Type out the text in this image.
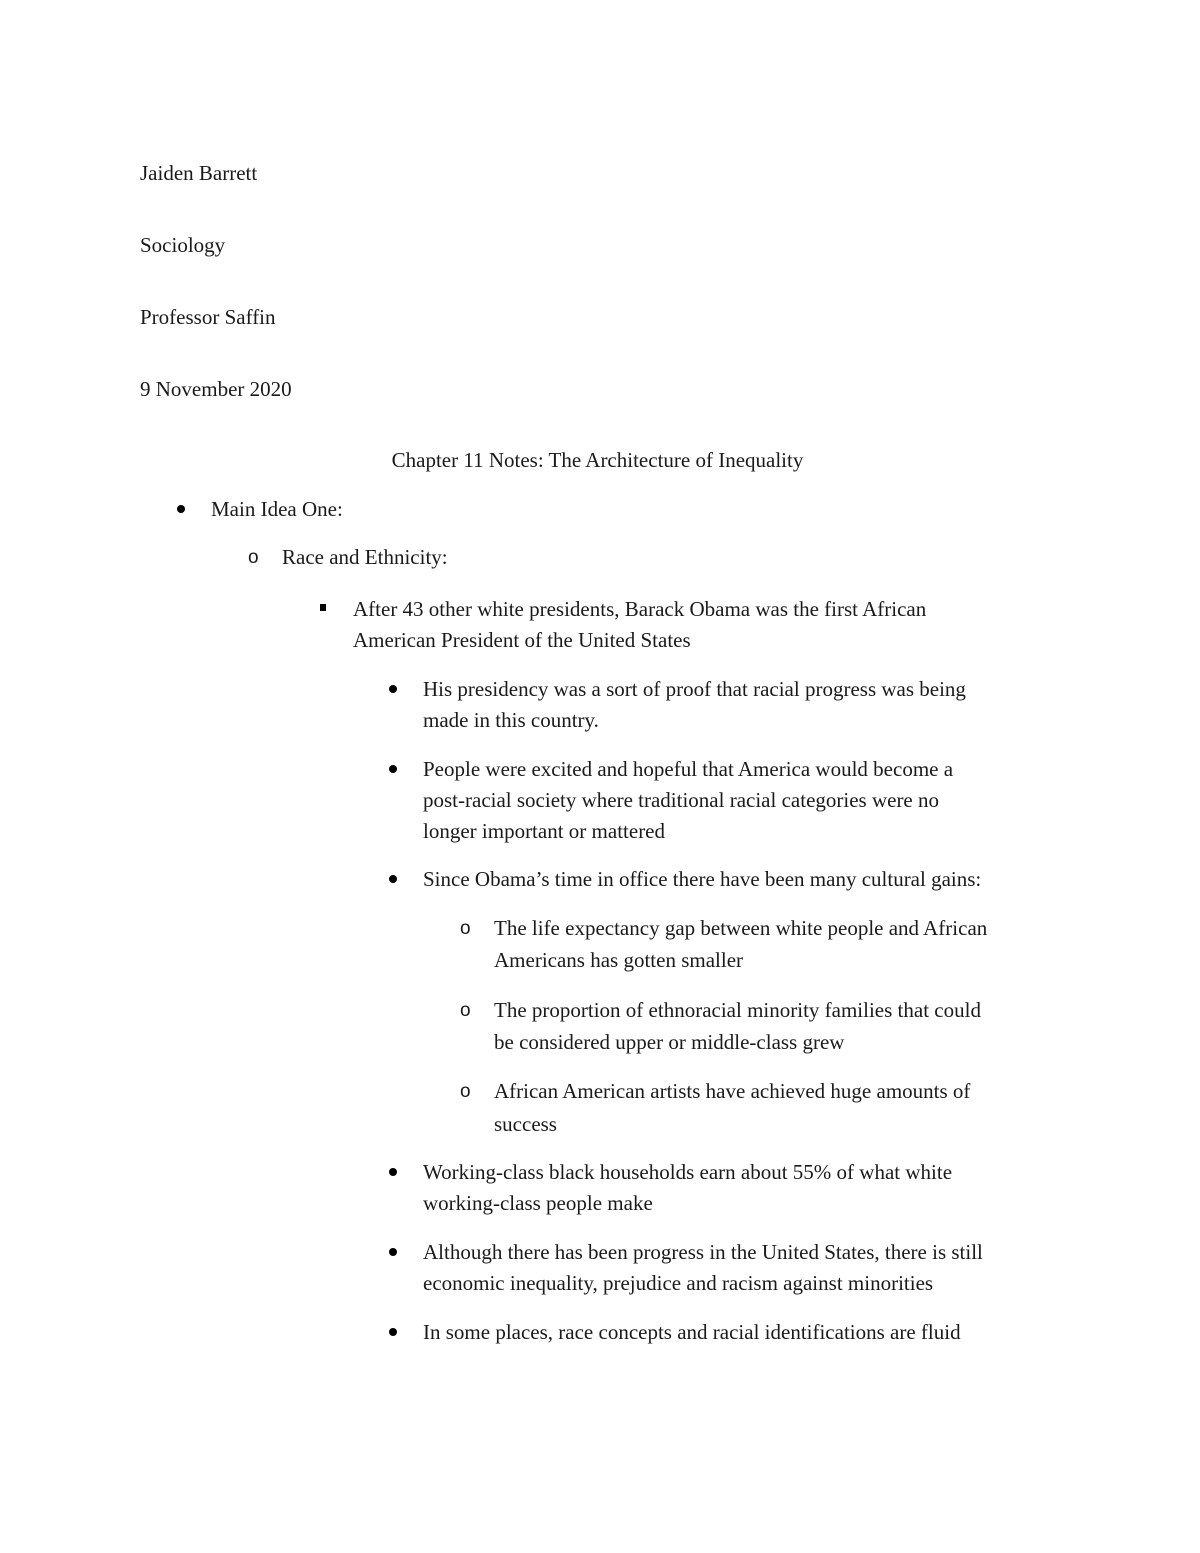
Jaiden Barrett
Sociology
Professor Saffin
9 November 2020
Chapter 11 Notes: The Architecture of Inequality
Main Idea One:
o Race and Ethnicity:
After 43 other white presidents, Barack Obama was the first African
American President of the United States
His presidency was a sort of proof that racial progress was being
made in this country.
People were excited and hopeful that America would become a
post-racial society where traditional racial categories were no
longer important or mattered
Since Obama’s time in office there have been many cultural gains:
o The life expectancy gap between white people and African
Americans has gotten smaller
o The proportion of ethnoracial minority families that could
be considered upper or middle-class grew
o African American artists have achieved huge amounts of
success
Working-class black households earn about 55% of what white
working-class people make
Although there has been progress in the United States, there is still
economic inequality, prejudice and racism against minorities
In some places, race concepts and racial identifications are fluid
